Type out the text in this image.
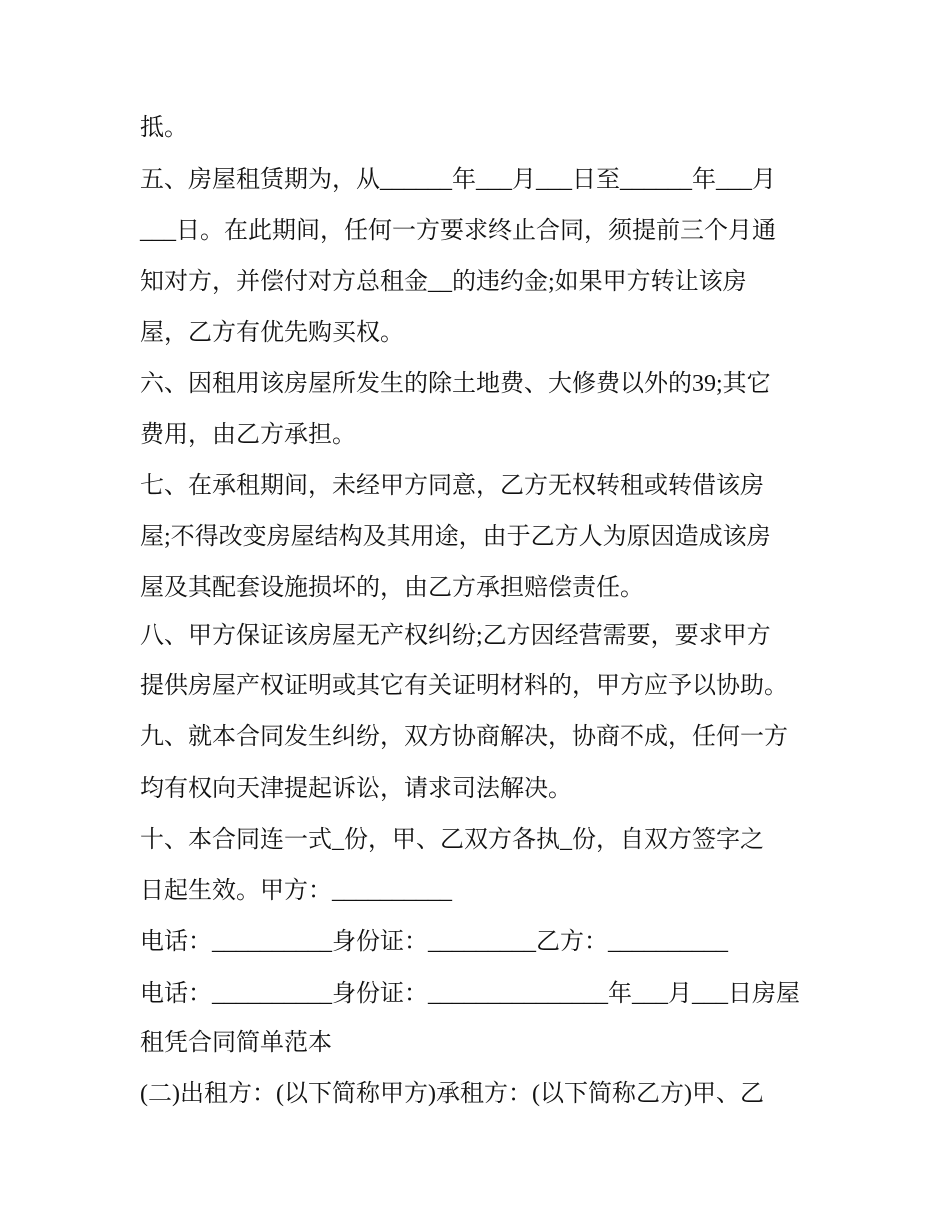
抵。
五、房屋租赁期为，从______年___月___日至______年___月
___日。在此期间，任何一方要求终止合同，须提前三个月通
知对方，并偿付对方总租金__的违约金;如果甲方转让该房
屋，乙方有优先购买权。
六、因租用该房屋所发生的除土地费、大修费以外的39;其它
费用，由乙方承担。
七、在承租期间，未经甲方同意，乙方无权转租或转借该房
屋;不得改变房屋结构及其用途，由于乙方人为原因造成该房
屋及其配套设施损坏的，由乙方承担赔偿责任。
八、甲方保证该房屋无产权纠纷;乙方因经营需要，要求甲方
提供房屋产权证明或其它有关证明材料的，甲方应予以协助。
九、就本合同发生纠纷，双方协商解决，协商不成，任何一方
均有权向天津提起诉讼，请求司法解决。
十、本合同连一式_份，甲、乙双方各执_份，自双方签字之
日起生效。甲方：__________
电话：__________身份证：_________乙方：__________
电话：__________身份证：_______________年___月___日房屋
租凭合同简单范本
(二)出租方：(以下简称甲方)承租方：(以下简称乙方)甲、乙
